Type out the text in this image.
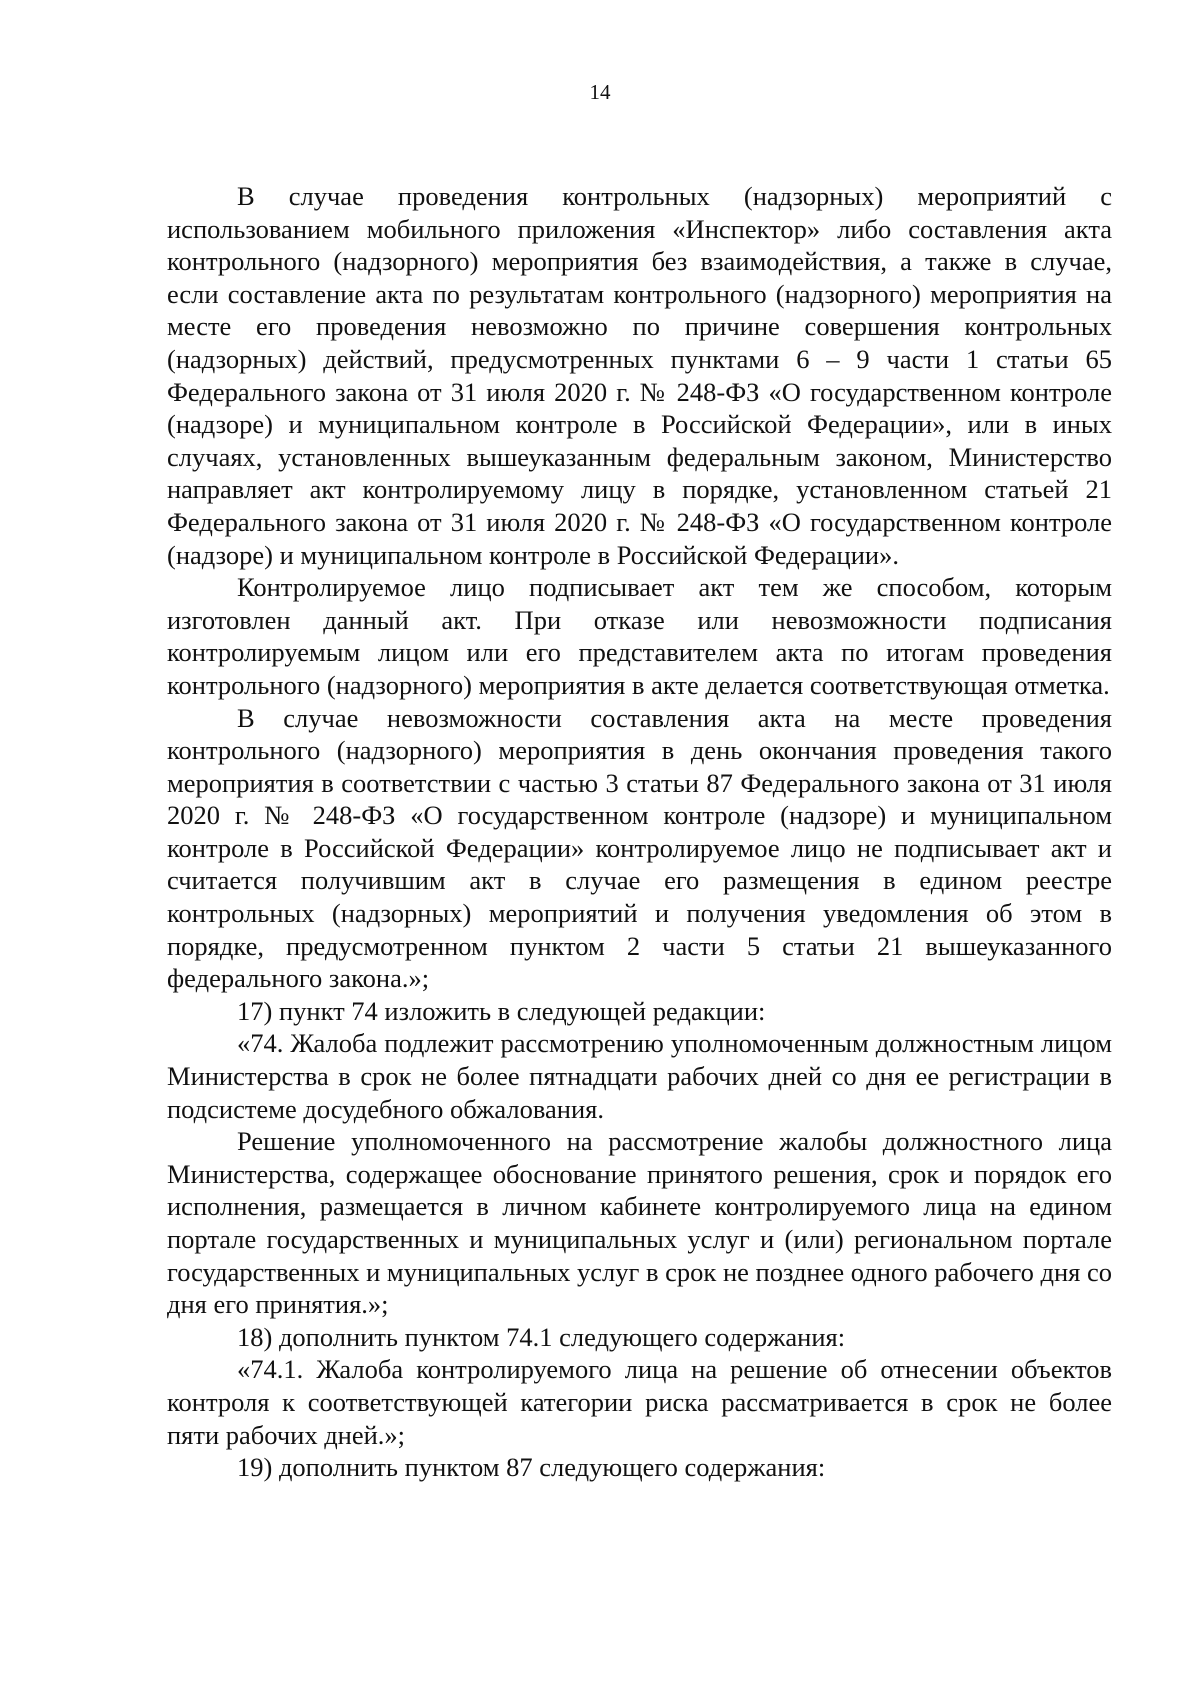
14

В случае проведения контрольных (надзорных) мероприятий с использованием мобильного приложения «Инспектор» либо составления акта контрольного (надзорного) мероприятия без взаимодействия, а также в случае, если составление акта по результатам контрольного (надзорного) мероприятия на месте его проведения невозможно по причине совершения контрольных (надзорных) действий, предусмотренных пунктами 6 – 9 части 1 статьи 65 Федерального закона от 31 июля 2020 г. № 248-ФЗ «О государственном контроле (надзоре) и муниципальном контроле в Российской Федерации», или в иных случаях, установленных вышеуказанным федеральным законом, Министерство направляет акт контролируемому лицу в порядке, установленном статьей 21 Федерального закона от 31 июля 2020 г. № 248-ФЗ «О государственном контроле (надзоре) и муниципальном контроле в Российской Федерации».

Контролируемое лицо подписывает акт тем же способом, которым изготовлен данный акт. При отказе или невозможности подписания контролируемым лицом или его представителем акта по итогам проведения контрольного (надзорного) мероприятия в акте делается соответствующая отметка.

В случае невозможности составления акта на месте проведения контрольного (надзорного) мероприятия в день окончания проведения такого мероприятия в соответствии с частью 3 статьи 87 Федерального закона от 31 июля 2020 г. № 248-ФЗ «О государственном контроле (надзоре) и муниципальном контроле в Российской Федерации» контролируемое лицо не подписывает акт и считается получившим акт в случае его размещения в едином реестре контрольных (надзорных) мероприятий и получения уведомления об этом в порядке, предусмотренном пунктом 2 части 5 статьи 21 вышеуказанного федерального закона.»;

17) пункт 74 изложить в следующей редакции:

«74. Жалоба подлежит рассмотрению уполномоченным должностным лицом Министерства в срок не более пятнадцати рабочих дней со дня ее регистрации в подсистеме досудебного обжалования.

Решение уполномоченного на рассмотрение жалобы должностного лица Министерства, содержащее обоснование принятого решения, срок и порядок его исполнения, размещается в личном кабинете контролируемого лица на едином портале государственных и муниципальных услуг и (или) региональном портале государственных и муниципальных услуг в срок не позднее одного рабочего дня со дня его принятия.»;

18) дополнить пунктом 74.1 следующего содержания:

«74.1. Жалоба контролируемого лица на решение об отнесении объектов контроля к соответствующей категории риска рассматривается в срок не более пяти рабочих дней.»;

19) дополнить пунктом 87 следующего содержания:
